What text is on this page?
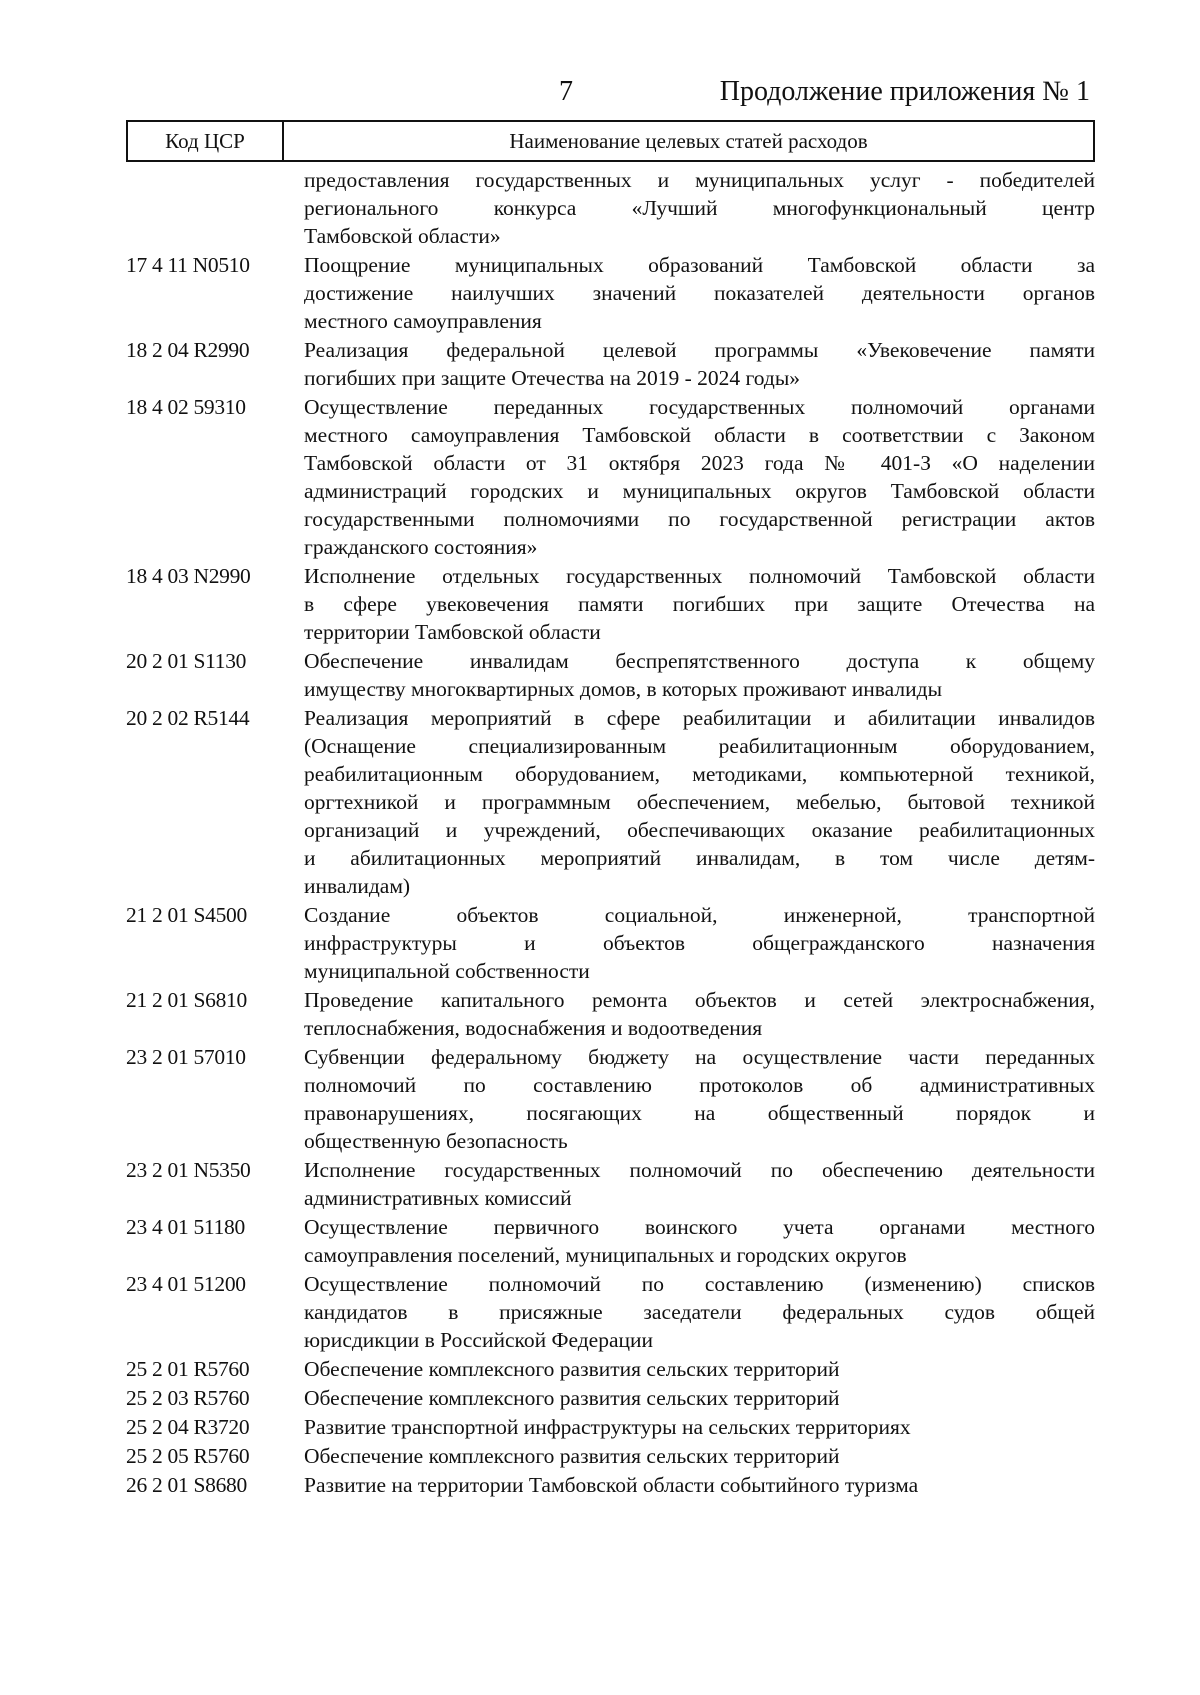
7	Продолжение приложения № 1
Код ЦСР	Наименование целевых статей расходов
предоставления государственных и муниципальных услуг - победителей
регионального конкурса «Лучший многофункциональный центр
Тамбовской области»
17 4 11 N0510	Поощрение муниципальных образований Тамбовской области за
достижение наилучших значений показателей деятельности органов
местного самоуправления
18 2 04 R2990	Реализация федеральной целевой программы «Увековечение памяти
погибших при защите Отечества на 2019 - 2024 годы»
18 4 02 59310	Осуществление переданных государственных полномочий органами
местного самоуправления Тамбовской области в соответствии с Законом
Тамбовской области от 31 октября 2023 года № 401-З «О наделении
администраций городских и муниципальных округов Тамбовской области
государственными полномочиями по государственной регистрации актов
гражданского состояния»
18 4 03 N2990	Исполнение отдельных государственных полномочий Тамбовской области
в сфере увековечения памяти погибших при защите Отечества на
территории Тамбовской области
20 2 01 S1130	Обеспечение инвалидам беспрепятственного доступа к общему
имуществу многоквартирных домов, в которых проживают инвалиды
20 2 02 R5144	Реализация мероприятий в сфере реабилитации и абилитации инвалидов
(Оснащение специализированным реабилитационным оборудованием,
реабилитационным оборудованием, методиками, компьютерной техникой,
оргтехникой и программным обеспечением, мебелью, бытовой техникой
организаций и учреждений, обеспечивающих оказание реабилитационных
и абилитационных мероприятий инвалидам, в том числе детям-
инвалидам)
21 2 01 S4500	Создание объектов социальной, инженерной, транспортной
инфраструктуры и объектов общегражданского назначения
муниципальной собственности
21 2 01 S6810	Проведение капитального ремонта объектов и сетей электроснабжения,
теплоснабжения, водоснабжения и водоотведения
23 2 01 57010	Субвенции федеральному бюджету на осуществление части переданных
полномочий по составлению протоколов об административных
правонарушениях, посягающих на общественный порядок и
общественную безопасность
23 2 01 N5350	Исполнение государственных полномочий по обеспечению деятельности
административных комиссий
23 4 01 51180	Осуществление первичного воинского учета органами местного
самоуправления поселений, муниципальных и городских округов
23 4 01 51200	Осуществление полномочий по составлению (изменению) списков
кандидатов в присяжные заседатели федеральных судов общей
юрисдикции в Российской Федерации
25 2 01 R5760	Обеспечение комплексного развития сельских территорий
25 2 03 R5760	Обеспечение комплексного развития сельских территорий
25 2 04 R3720	Развитие транспортной инфраструктуры на сельских территориях
25 2 05 R5760	Обеспечение комплексного развития сельских территорий
26 2 01 S8680	Развитие на территории Тамбовской области событийного туризма
